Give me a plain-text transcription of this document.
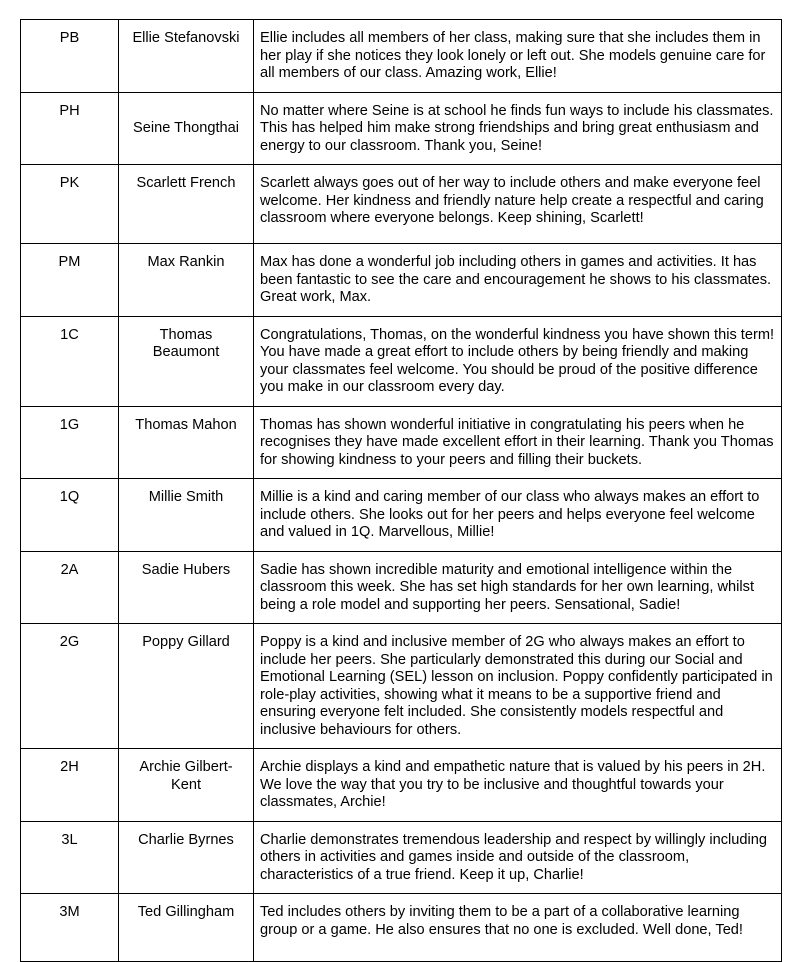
PB	Ellie Stefanovski	Ellie includes all members of her class, making sure that she includes them in her play if she notices they look lonely or left out. She models genuine care for all members of our class. Amazing work, Ellie!
PH	Seine Thongthai	No matter where Seine is at school he finds fun ways to include his classmates. This has helped him make strong friendships and bring great enthusiasm and energy to our classroom. Thank you, Seine!
PK	Scarlett French	Scarlett always goes out of her way to include others and make everyone feel welcome. Her kindness and friendly nature help create a respectful and caring classroom where everyone belongs. Keep shining, Scarlett!
PM	Max Rankin	Max has done a wonderful job including others in games and activities. It has been fantastic to see the care and encouragement he shows to his classmates. Great work, Max.
1C	Thomas Beaumont	Congratulations, Thomas, on the wonderful kindness you have shown this term! You have made a great effort to include others by being friendly and making your classmates feel welcome. You should be proud of the positive difference you make in our classroom every day.
1G	Thomas Mahon	Thomas has shown wonderful initiative in congratulating his peers when he recognises they have made excellent effort in their learning. Thank you Thomas for showing kindness to your peers and filling their buckets.
1Q	Millie Smith	Millie is a kind and caring member of our class who always makes an effort to include others. She looks out for her peers and helps everyone feel welcome and valued in 1Q. Marvellous, Millie!
2A	Sadie Hubers	Sadie has shown incredible maturity and emotional intelligence within the classroom this week. She has set high standards for her own learning, whilst being a role model and supporting her peers. Sensational, Sadie!
2G	Poppy Gillard	Poppy is a kind and inclusive member of 2G who always makes an effort to include her peers. She particularly demonstrated this during our Social and Emotional Learning (SEL) lesson on inclusion. Poppy confidently participated in role-play activities, showing what it means to be a supportive friend and ensuring everyone felt included. She consistently models respectful and inclusive behaviours for others.
2H	Archie Gilbert-Kent	Archie displays a kind and empathetic nature that is valued by his peers in 2H. We love the way that you try to be inclusive and thoughtful towards your classmates, Archie!
3L	Charlie Byrnes	Charlie demonstrates tremendous leadership and respect by willingly including others in activities and games inside and outside of the classroom, characteristics of a true friend. Keep it up, Charlie!
3M	Ted Gillingham	Ted includes others by inviting them to be a part of a collaborative learning group or a game. He also ensures that no one is excluded. Well done, Ted!
